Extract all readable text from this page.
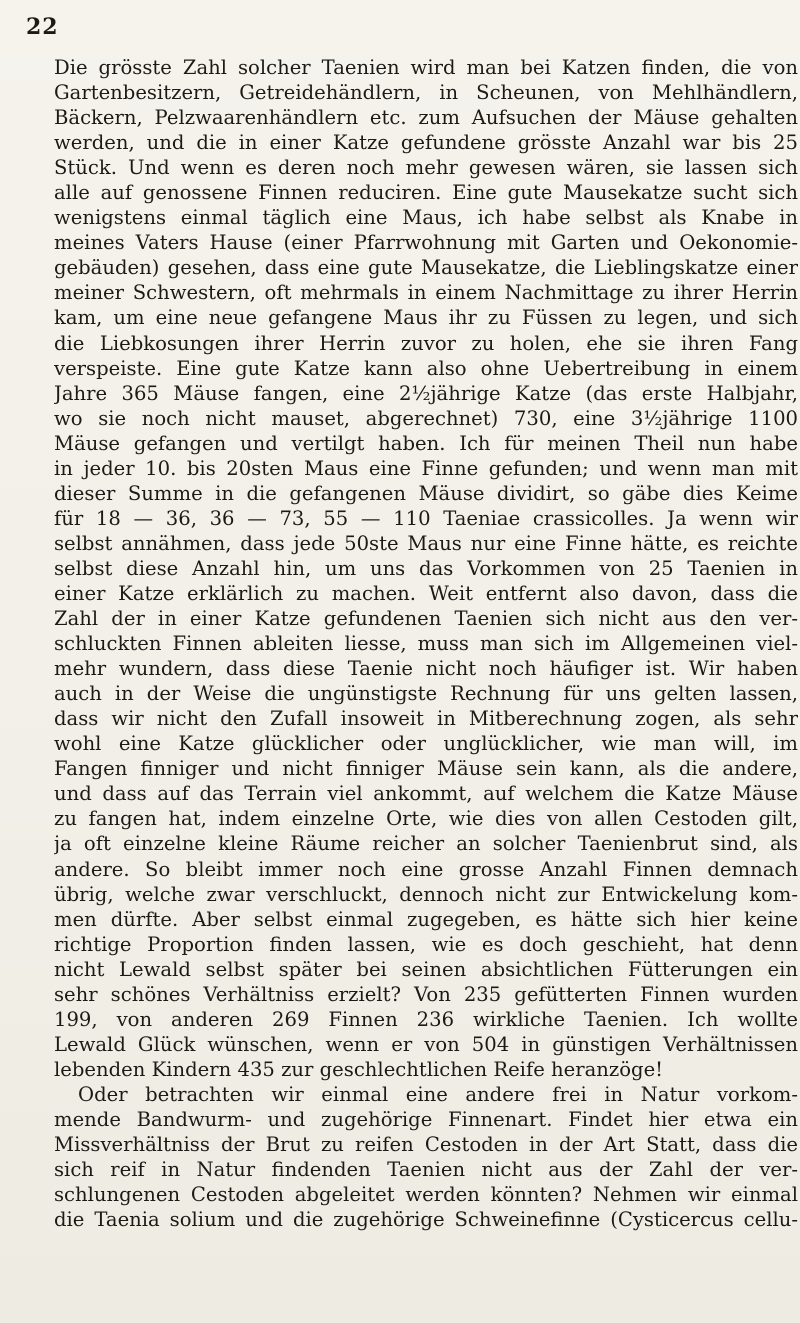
22
Die grösste Zahl solcher Taenien wird man bei Katzen finden, die von
Gartenbesitzern, Getreidehändlern, in Scheunen, von Mehlhändlern,
Bäckern, Pelzwaarenhändlern etc. zum Aufsuchen der Mäuse gehalten
werden, und die in einer Katze gefundene grösste Anzahl war bis 25
Stück. Und wenn es deren noch mehr gewesen wären, sie lassen sich
alle auf genossene Finnen reduciren. Eine gute Mausekatze sucht sich
wenigstens einmal täglich eine Maus, ich habe selbst als Knabe in
meines Vaters Hause (einer Pfarrwohnung mit Garten und Oekonomie-
gebäuden) gesehen, dass eine gute Mausekatze, die Lieblingskatze einer
meiner Schwestern, oft mehrmals in einem Nachmittage zu ihrer Herrin
kam, um eine neue gefangene Maus ihr zu Füssen zu legen, und sich
die Liebkosungen ihrer Herrin zuvor zu holen, ehe sie ihren Fang
verspeiste. Eine gute Katze kann also ohne Uebertreibung in einem
Jahre 365 Mäuse fangen, eine 2½jährige Katze (das erste Halbjahr,
wo sie noch nicht mauset, abgerechnet) 730, eine 3½jährige 1100
Mäuse gefangen und vertilgt haben. Ich für meinen Theil nun habe
in jeder 10. bis 20sten Maus eine Finne gefunden; und wenn man mit
dieser Summe in die gefangenen Mäuse dividirt, so gäbe dies Keime
für 18 — 36, 36 — 73, 55 — 110 Taeniae crassicolles. Ja wenn wir
selbst annähmen, dass jede 50ste Maus nur eine Finne hätte, es reichte
selbst diese Anzahl hin, um uns das Vorkommen von 25 Taenien in
einer Katze erklärlich zu machen. Weit entfernt also davon, dass die
Zahl der in einer Katze gefundenen Taenien sich nicht aus den ver-
schluckten Finnen ableiten liesse, muss man sich im Allgemeinen viel-
mehr wundern, dass diese Taenie nicht noch häufiger ist. Wir haben
auch in der Weise die ungünstigste Rechnung für uns gelten lassen,
dass wir nicht den Zufall insoweit in Mitberechnung zogen, als sehr
wohl eine Katze glücklicher oder unglücklicher, wie man will, im
Fangen finniger und nicht finniger Mäuse sein kann, als die andere,
und dass auf das Terrain viel ankommt, auf welchem die Katze Mäuse
zu fangen hat, indem einzelne Orte, wie dies von allen Cestoden gilt,
ja oft einzelne kleine Räume reicher an solcher Taenienbrut sind, als
andere. So bleibt immer noch eine grosse Anzahl Finnen demnach
übrig, welche zwar verschluckt, dennoch nicht zur Entwickelung kom-
men dürfte. Aber selbst einmal zugegeben, es hätte sich hier keine
richtige Proportion finden lassen, wie es doch geschieht, hat denn
nicht Lewald selbst später bei seinen absichtlichen Fütterungen ein
sehr schönes Verhältniss erzielt? Von 235 gefütterten Finnen wurden
199, von anderen 269 Finnen 236 wirkliche Taenien. Ich wollte
Lewald Glück wünschen, wenn er von 504 in günstigen Verhältnissen
lebenden Kindern 435 zur geschlechtlichen Reife heranzöge!
Oder betrachten wir einmal eine andere frei in Natur vorkom-
mende Bandwurm- und zugehörige Finnenart. Findet hier etwa ein
Missverhältniss der Brut zu reifen Cestoden in der Art Statt, dass die
sich reif in Natur findenden Taenien nicht aus der Zahl der ver-
schlungenen Cestoden abgeleitet werden könnten? Nehmen wir einmal
die Taenia solium und die zugehörige Schweinefinne (Cysticercus cellu-
